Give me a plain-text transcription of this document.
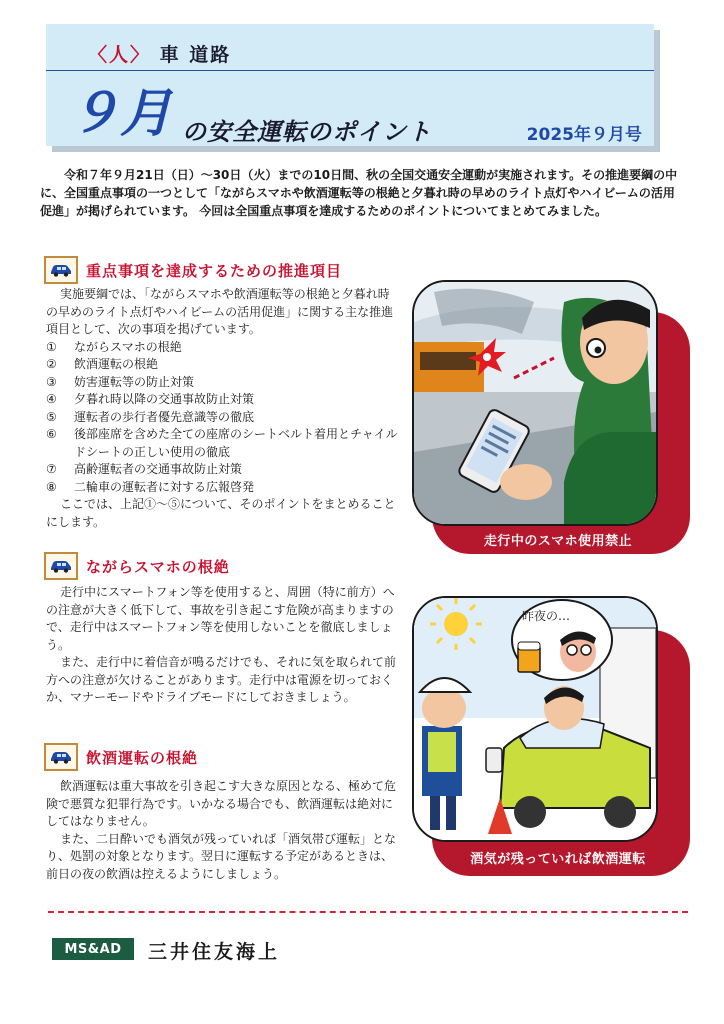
〈人〉 車 道路
９月 の安全運転のポイント	2025年９月号

令和７年９月21日（日）～30日（火）までの10日間、秋の全国交通安全運動が実施されます。その推進要綱の中に、全国重点事項の一つとして「ながらスマホや飲酒運転等の根絶と夕暮れ時の早めのライト点灯やハイビームの活用促進」が掲げられています。 今回は全国重点事項を達成するためのポイントについてまとめてみました。

重点事項を達成するための推進項目

実施要綱では、「ながらスマホや飲酒運転等の根絶と夕暮れ時の早めのライト点灯やハイビームの活用促進」に関する主な推進項目として、次の事項を掲げています。

① ながらスマホの根絶
② 飲酒運転の根絶
③ 妨害運転等の防止対策
④ 夕暮れ時以降の交通事故防止対策
⑤ 運転者の歩行者優先意識等の徹底
⑥ 後部座席を含めた全ての座席のシートベルト着用とチャイルドシートの正しい使用の徹底
⑦ 高齢運転者の交通事故防止対策
⑧ 二輪車の運転者に対する広報啓発

ここでは、上記①～⑤について、そのポイントをまとめることにします。

ながらスマホの根絶

走行中にスマートフォン等を使用すると、周囲（特に前方）への注意が大きく低下して、事故を引き起こす危険が高まりますので、走行中はスマートフォン等を使用しないことを徹底しましょう。

また、走行中に着信音が鳴るだけでも、それに気を取られて前方への注意が欠けることがあります。走行中は電源を切っておくか、マナーモードやドライブモードにしておきましょう。

飲酒運転の根絶

飲酒運転は重大事故を引き起こす大きな原因となる、極めて危険で悪質な犯罪行為です。いかなる場合でも、飲酒運転は絶対にしてはなりません。

また、二日酔いでも酒気が残っていれば「酒気帯び運転」となり、処罰の対象となります。翌日に運転する予定があるときは、前日の夜の飲酒は控えるようにしましょう。

走行中のスマホ使用禁止
昨夜の…
酒気が残っていれば飲酒運転
MS&AD	三井住友海上
